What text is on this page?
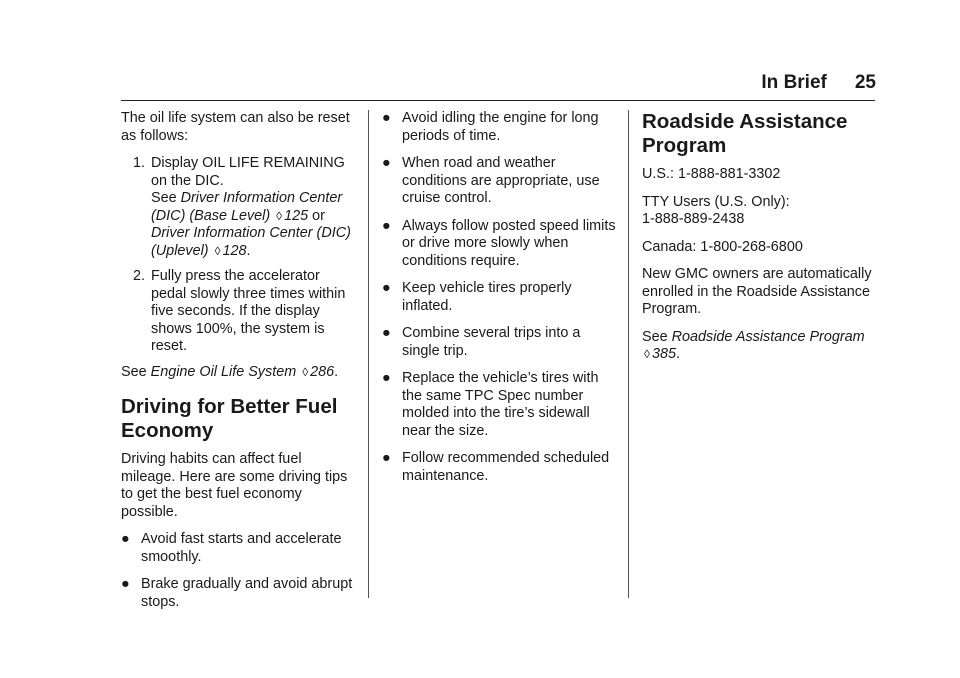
In Brief 25

The oil life system can also be reset as follows:

1. Display OIL LIFE REMAINING on the DIC.
See Driver Information Center (DIC) (Base Level) ◊ 125 or Driver Information Center (DIC) (Uplevel) ◊ 128.
2. Fully press the accelerator pedal slowly three times within five seconds. If the display shows 100%, the system is reset.

See Engine Oil Life System ◊ 286.

Driving for Better Fuel Economy

Driving habits can affect fuel mileage. Here are some driving tips to get the best fuel economy possible.

● Avoid fast starts and accelerate smoothly.
● Brake gradually and avoid abrupt stops.
● Avoid idling the engine for long periods of time.
● When road and weather conditions are appropriate, use cruise control.
● Always follow posted speed limits or drive more slowly when conditions require.
● Keep vehicle tires properly inflated.
● Combine several trips into a single trip.
● Replace the vehicle’s tires with the same TPC Spec number molded into the tire’s sidewall near the size.
● Follow recommended scheduled maintenance.
Roadside Assistance Program

U.S.: 1-888-881-3302

TTY Users (U.S. Only):
1-888-889-2438

Canada: 1-800-268-6800

New GMC owners are automatically enrolled in the Roadside Assistance Program.

See Roadside Assistance Program
◊ 385.
